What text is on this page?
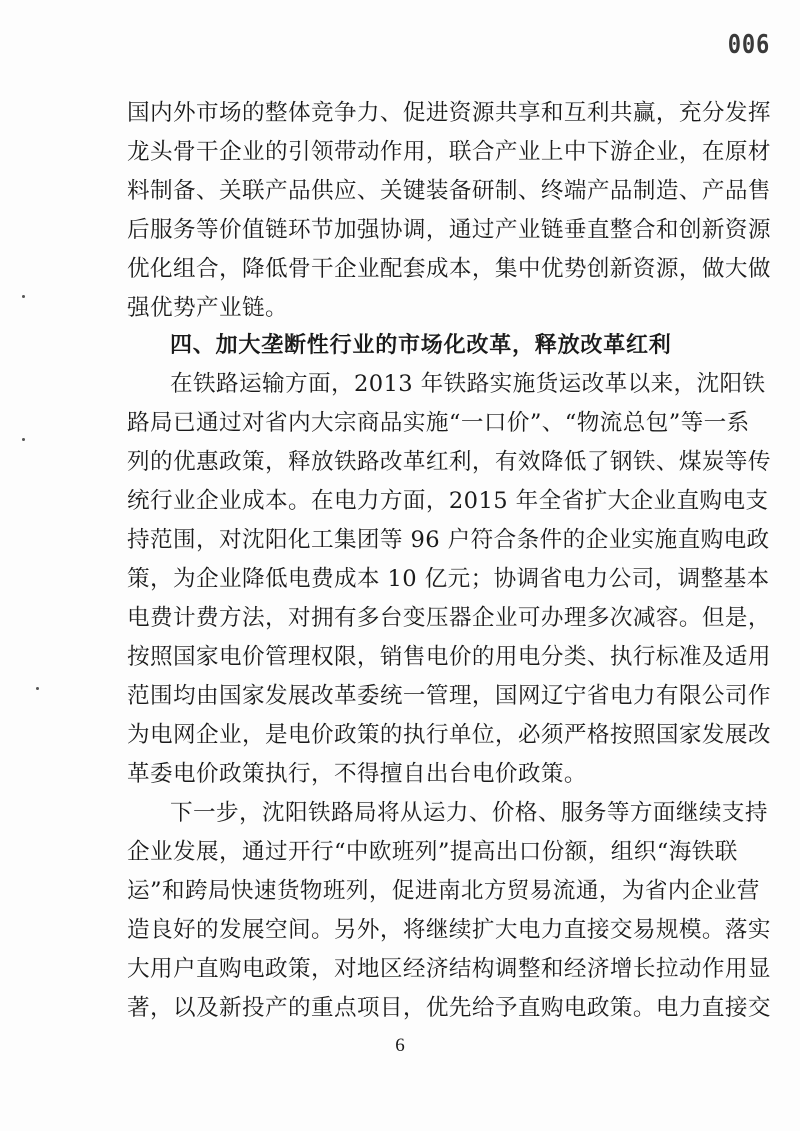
006
国内外市场的整体竞争力、促进资源共享和互利共赢，充分发挥
龙头骨干企业的引领带动作用，联合产业上中下游企业，在原材
料制备、关联产品供应、关键装备研制、终端产品制造、产品售
后服务等价值链环节加强协调，通过产业链垂直整合和创新资源
优化组合，降低骨干企业配套成本，集中优势创新资源，做大做
强优势产业链。
四、加大垄断性行业的市场化改革，释放改革红利
在铁路运输方面，2013 年铁路实施货运改革以来，沈阳铁
路局已通过对省内大宗商品实施“一口价”、“物流总包”等一系
列的优惠政策，释放铁路改革红利，有效降低了钢铁、煤炭等传
统行业企业成本。在电力方面，2015 年全省扩大企业直购电支
持范围，对沈阳化工集团等 96 户符合条件的企业实施直购电政
策，为企业降低电费成本 10 亿元；协调省电力公司，调整基本
电费计费方法，对拥有多台变压器企业可办理多次减容。但是，
按照国家电价管理权限，销售电价的用电分类、执行标准及适用
范围均由国家发展改革委统一管理，国网辽宁省电力有限公司作
为电网企业，是电价政策的执行单位，必须严格按照国家发展改
革委电价政策执行，不得擅自出台电价政策。
下一步，沈阳铁路局将从运力、价格、服务等方面继续支持
企业发展，通过开行“中欧班列”提高出口份额，组织“海铁联
运”和跨局快速货物班列，促进南北方贸易流通，为省内企业营
造良好的发展空间。另外，将继续扩大电力直接交易规模。落实
大用户直购电政策，对地区经济结构调整和经济增长拉动作用显
著，以及新投产的重点项目，优先给予直购电政策。电力直接交
6
